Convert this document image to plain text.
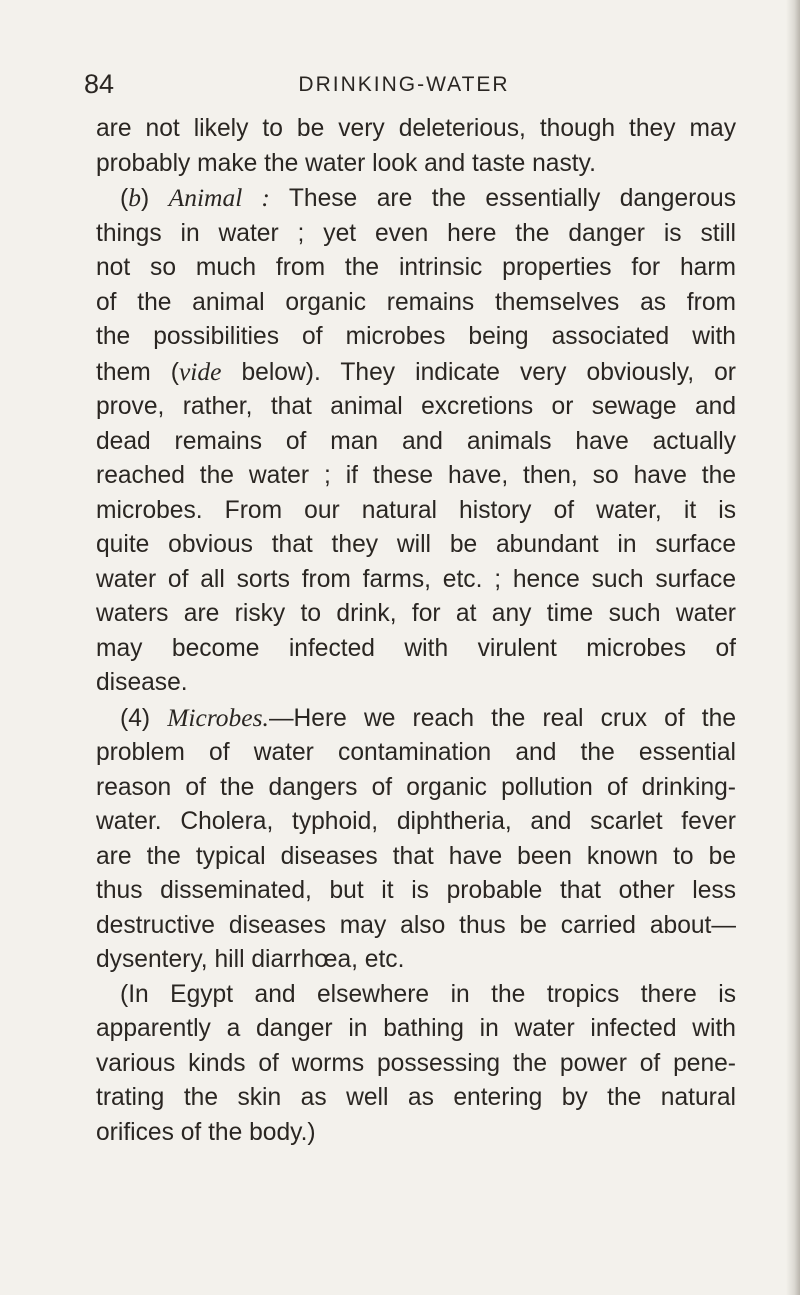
84	DRINKING-WATER
are not likely to be very deleterious, though they may
probably make the water look and taste nasty.
(b) Animal : These are the essentially dangerous
things in water ; yet even here the danger is still
not so much from the intrinsic properties for harm
of the animal organic remains themselves as from
the possibilities of microbes being associated with
them (vide below). They indicate very obviously, or
prove, rather, that animal excretions or sewage and
dead remains of man and animals have actually
reached the water ; if these have, then, so have the
microbes. From our natural history of water, it is
quite obvious that they will be abundant in surface
water of all sorts from farms, etc. ; hence such surface
waters are risky to drink, for at any time such water
may become infected with virulent microbes of
disease.
(4) Microbes.—Here we reach the real crux of the
problem of water contamination and the essential
reason of the dangers of organic pollution of drinking-
water. Cholera, typhoid, diphtheria, and scarlet fever
are the typical diseases that have been known to be
thus disseminated, but it is probable that other less
destructive diseases may also thus be carried about—
dysentery, hill diarrhœa, etc.
(In Egypt and elsewhere in the tropics there is
apparently a danger in bathing in water infected with
various kinds of worms possessing the power of pene-
trating the skin as well as entering by the natural
orifices of the body.)
